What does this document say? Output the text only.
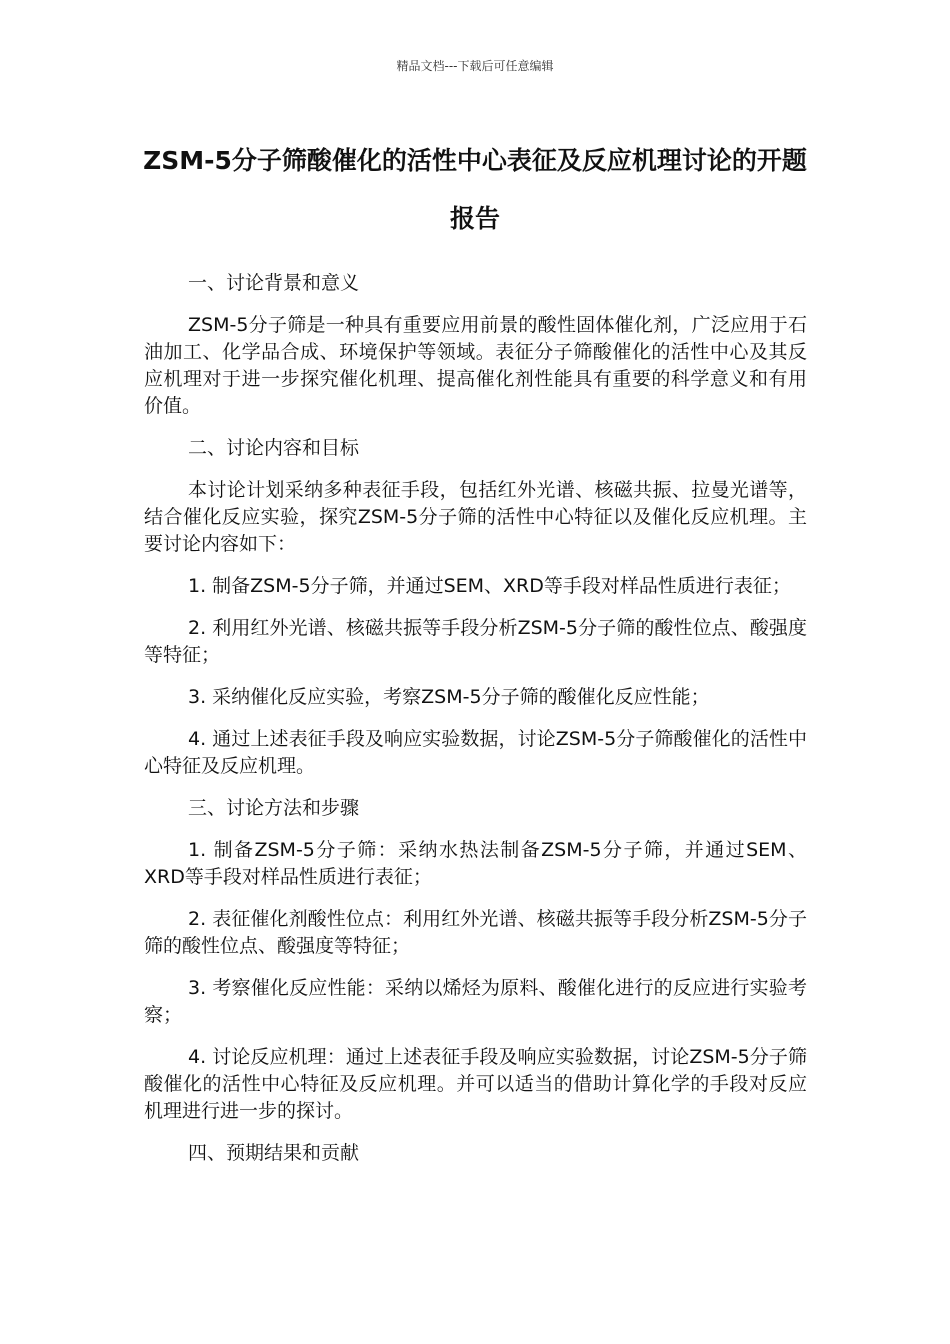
精品文档---下载后可任意编辑
ZSM-5分子筛酸催化的活性中心表征及反应机理讨论的开题报告
一、讨论背景和意义
ZSM-5分子筛是一种具有重要应用前景的酸性固体催化剂，广泛应用于石油加工、化学品合成、环境保护等领域。表征分子筛酸催化的活性中心及其反应机理对于进一步探究催化机理、提高催化剂性能具有重要的科学意义和有用价值。
二、讨论内容和目标
本讨论计划采纳多种表征手段，包括红外光谱、核磁共振、拉曼光谱等，结合催化反应实验，探究ZSM-5分子筛的活性中心特征以及催化反应机理。主要讨论内容如下：
1. 制备ZSM-5分子筛，并通过SEM、XRD等手段对样品性质进行表征；
2. 利用红外光谱、核磁共振等手段分析ZSM-5分子筛的酸性位点、酸强度等特征；
3. 采纳催化反应实验，考察ZSM-5分子筛的酸催化反应性能；
4. 通过上述表征手段及响应实验数据，讨论ZSM-5分子筛酸催化的活性中心特征及反应机理。
三、讨论方法和步骤
1. 制备ZSM-5分子筛：采纳水热法制备ZSM-5分子筛，并通过SEM、XRD等手段对样品性质进行表征；
2. 表征催化剂酸性位点：利用红外光谱、核磁共振等手段分析ZSM-5分子筛的酸性位点、酸强度等特征；
3. 考察催化反应性能：采纳以烯烃为原料、酸催化进行的反应进行实验考察；
4. 讨论反应机理：通过上述表征手段及响应实验数据，讨论ZSM-5分子筛酸催化的活性中心特征及反应机理。并可以适当的借助计算化学的手段对反应机理进行进一步的探讨。
四、预期结果和贡献
